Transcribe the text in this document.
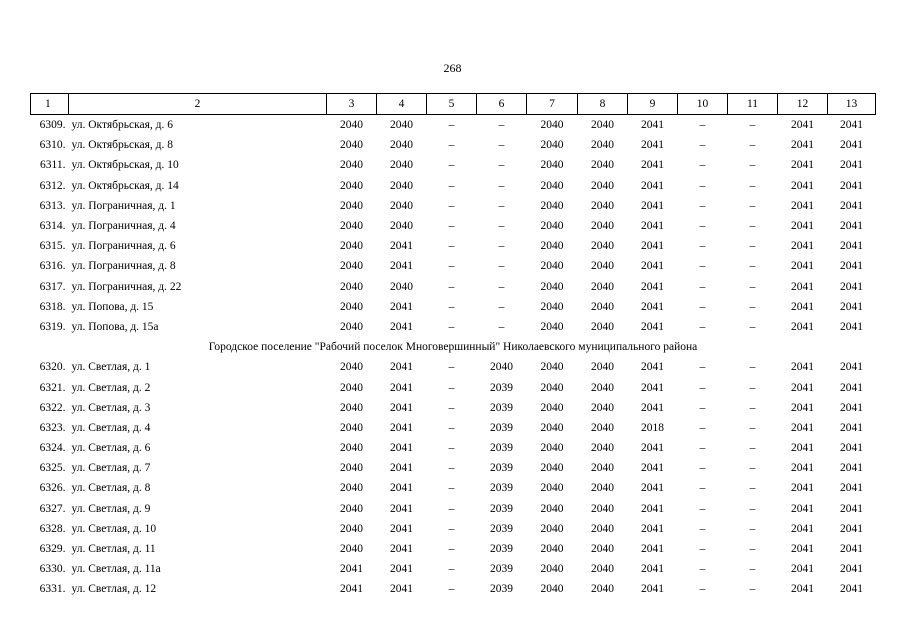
268
1	2	3	4	5	6	7	8	9	10	11	12	13
6309.	ул. Октябрьская, д. 6	2040	2040	–	–	2040	2040	2041	–	–	2041	2041
6310.	ул. Октябрьская, д. 8	2040	2040	–	–	2040	2040	2041	–	–	2041	2041
6311.	ул. Октябрьская, д. 10	2040	2040	–	–	2040	2040	2041	–	–	2041	2041
6312.	ул. Октябрьская, д. 14	2040	2040	–	–	2040	2040	2041	–	–	2041	2041
6313.	ул. Пограничная, д. 1	2040	2040	–	–	2040	2040	2041	–	–	2041	2041
6314.	ул. Пограничная, д. 4	2040	2040	–	–	2040	2040	2041	–	–	2041	2041
6315.	ул. Пограничная, д. 6	2040	2041	–	–	2040	2040	2041	–	–	2041	2041
6316.	ул. Пограничная, д. 8	2040	2041	–	–	2040	2040	2041	–	–	2041	2041
6317.	ул. Пограничная, д. 22	2040	2040	–	–	2040	2040	2041	–	–	2041	2041
6318.	ул. Попова, д. 15	2040	2041	–	–	2040	2040	2041	–	–	2041	2041
6319.	ул. Попова, д. 15а	2040	2041	–	–	2040	2040	2041	–	–	2041	2041
Городское поселение "Рабочий поселок Многовершинный" Николаевского муниципального района												
6320.	ул. Светлая, д. 1	2040	2041	–	2040	2040	2040	2041	–	–	2041	2041
6321.	ул. Светлая, д. 2	2040	2041	–	2039	2040	2040	2041	–	–	2041	2041
6322.	ул. Светлая, д. 3	2040	2041	–	2039	2040	2040	2041	–	–	2041	2041
6323.	ул. Светлая, д. 4	2040	2041	–	2039	2040	2040	2018	–	–	2041	2041
6324.	ул. Светлая, д. 6	2040	2041	–	2039	2040	2040	2041	–	–	2041	2041
6325.	ул. Светлая, д. 7	2040	2041	–	2039	2040	2040	2041	–	–	2041	2041
6326.	ул. Светлая, д. 8	2040	2041	–	2039	2040	2040	2041	–	–	2041	2041
6327.	ул. Светлая, д. 9	2040	2041	–	2039	2040	2040	2041	–	–	2041	2041
6328.	ул. Светлая, д. 10	2040	2041	–	2039	2040	2040	2041	–	–	2041	2041
6329.	ул. Светлая, д. 11	2040	2041	–	2039	2040	2040	2041	–	–	2041	2041
6330.	ул. Светлая, д. 11а	2041	2041	–	2039	2040	2040	2041	–	–	2041	2041
6331.	ул. Светлая, д. 12	2041	2041	–	2039	2040	2040	2041	–	–	2041	2041
